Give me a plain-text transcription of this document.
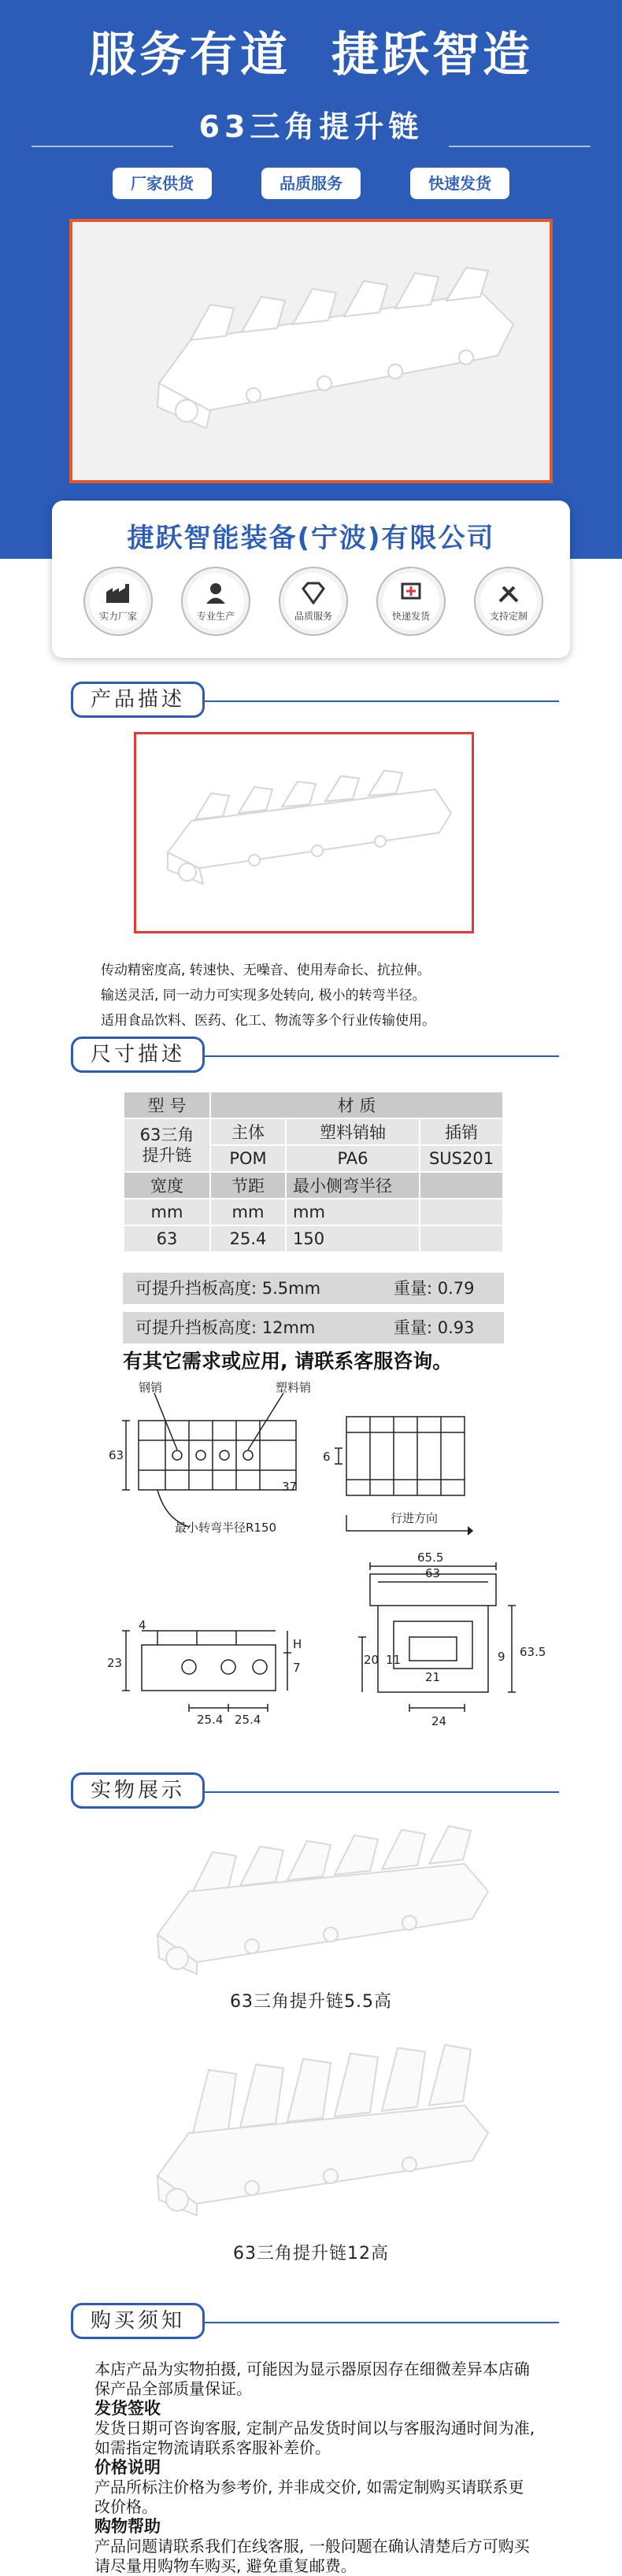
服务有道 捷跃智造
63三角提升链
厂家供货	品质服务	快速发货
捷跃智能装备(宁波)有限公司
实力厂家	专业生产	品质服务	快递发货	支持定制
产品描述
传动精密度高, 转速快、无噪音、使用寿命长、抗拉伸。
输送灵活, 同一动力可实现多处转向, 极小的转弯半径。
适用食品饮料、医药、化工、物流等多个行业传输使用。
尺寸描述
型 号	材 质		
63三角
提升链	主体	塑料销轴	插销
	POM	PA6	SUS201
宽度	节距	最小侧弯半径	
mm	mm	mm	
63	25.4	150	
可提升挡板高度: 5.5mm	重量: 0.79
可提升挡板高度: 12mm	重量: 0.93
有其它需求或应用, 请联系客服咨询。
钢销	塑料销
最小转弯半径R150
行进方向
63	6
65.5
63
37
4
H
7
23
25.4 25.4
20 11
21
24
9 63.5
实物展示
63三角提升链5.5高
63三角提升链12高
购买须知
本店产品为实物拍摄, 可能因为显示器原因存在细微差异本店确保产品全部质量保证。
发货签收
发货日期可咨询客服, 定制产品发货时间以与客服沟通时间为准, 如需指定物流请联系客服补差价。
价格说明
产品所标注价格为参考价, 并非成交价, 如需定制购买请联系更改价格。
购物帮助
产品问题请联系我们在线客服, 一般问题在确认清楚后方可购买请尽量用购物车购买, 避免重复邮费。
